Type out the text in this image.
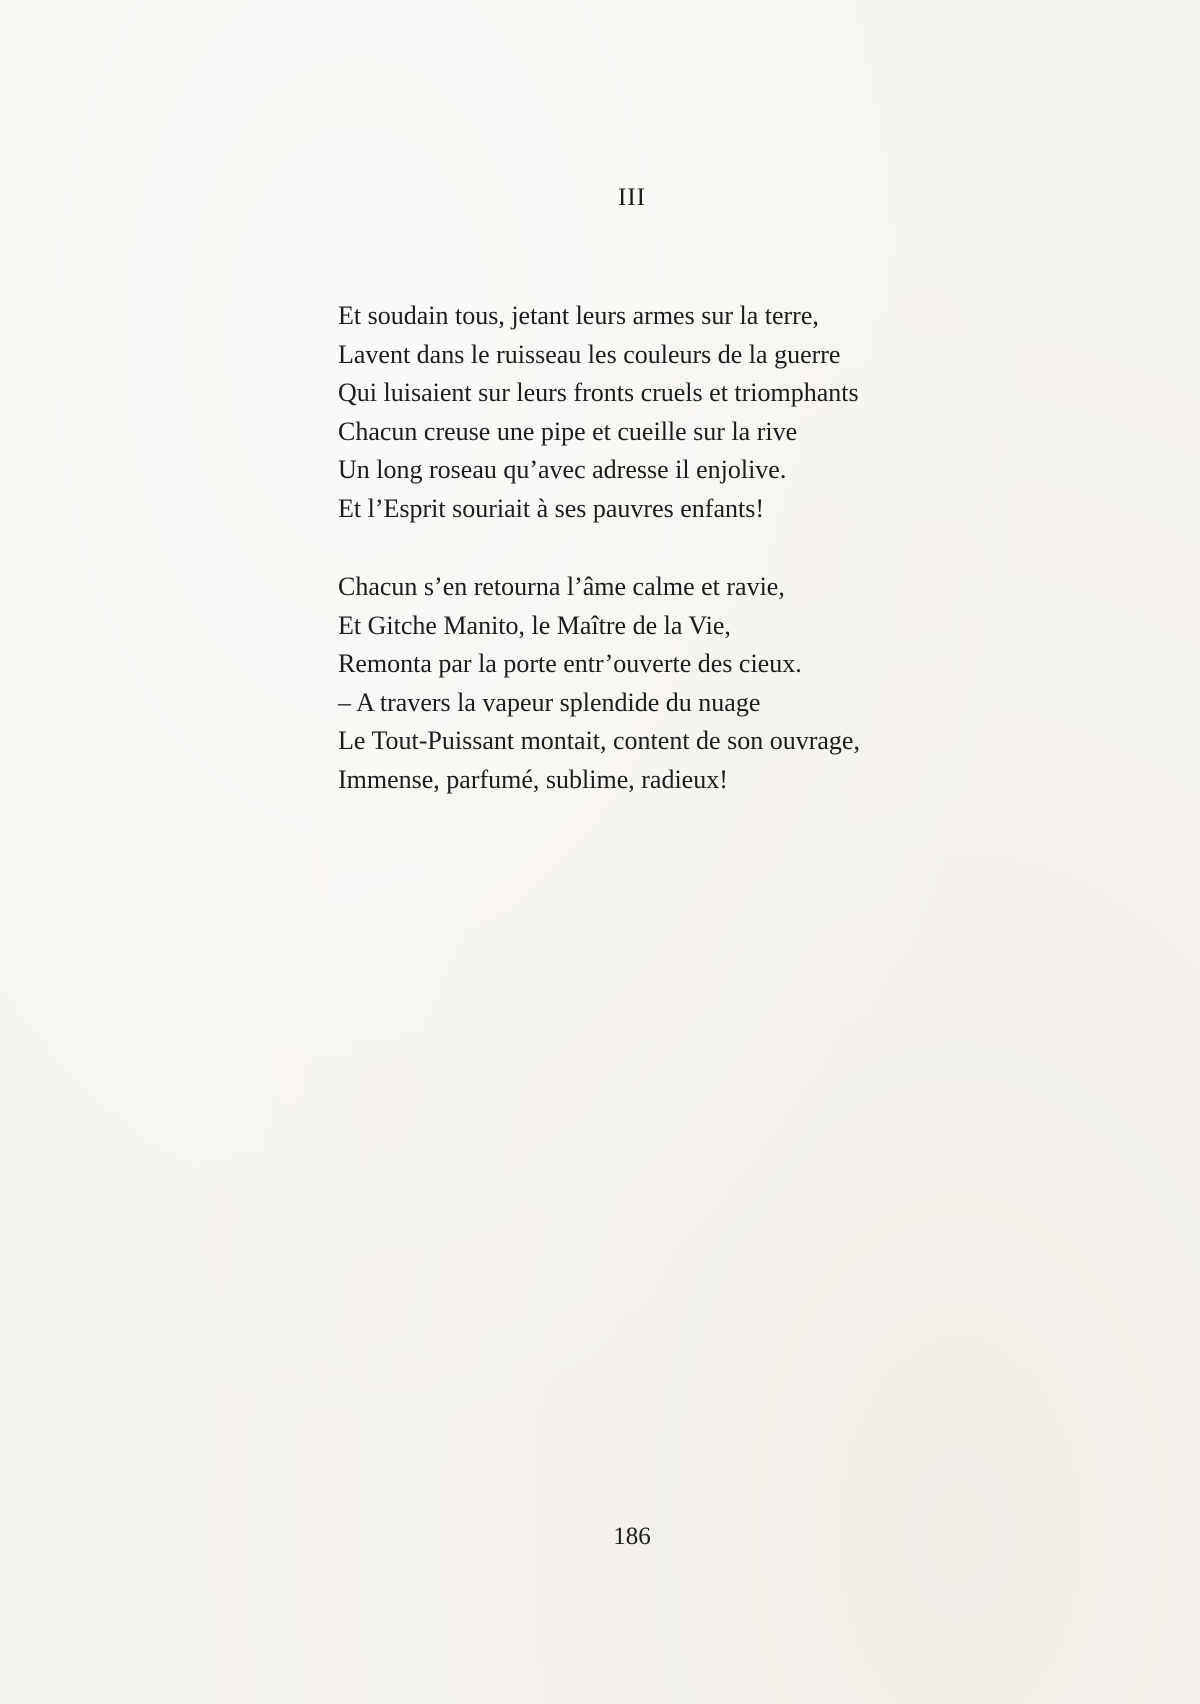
III
Et soudain tous, jetant leurs armes sur la terre,
Lavent dans le ruisseau les couleurs de la guerre
Qui luisaient sur leurs fronts cruels et triomphants
Chacun creuse une pipe et cueille sur la rive
Un long roseau qu’avec adresse il enjolive.
Et l’Esprit souriait à ses pauvres enfants!
Chacun s’en retourna l’âme calme et ravie,
Et Gitche Manito, le Maître de la Vie,
Remonta par la porte entr’ouverte des cieux.
– A travers la vapeur splendide du nuage
Le Tout-Puissant montait, content de son ouvrage,
Immense, parfumé, sublime, radieux!
186
